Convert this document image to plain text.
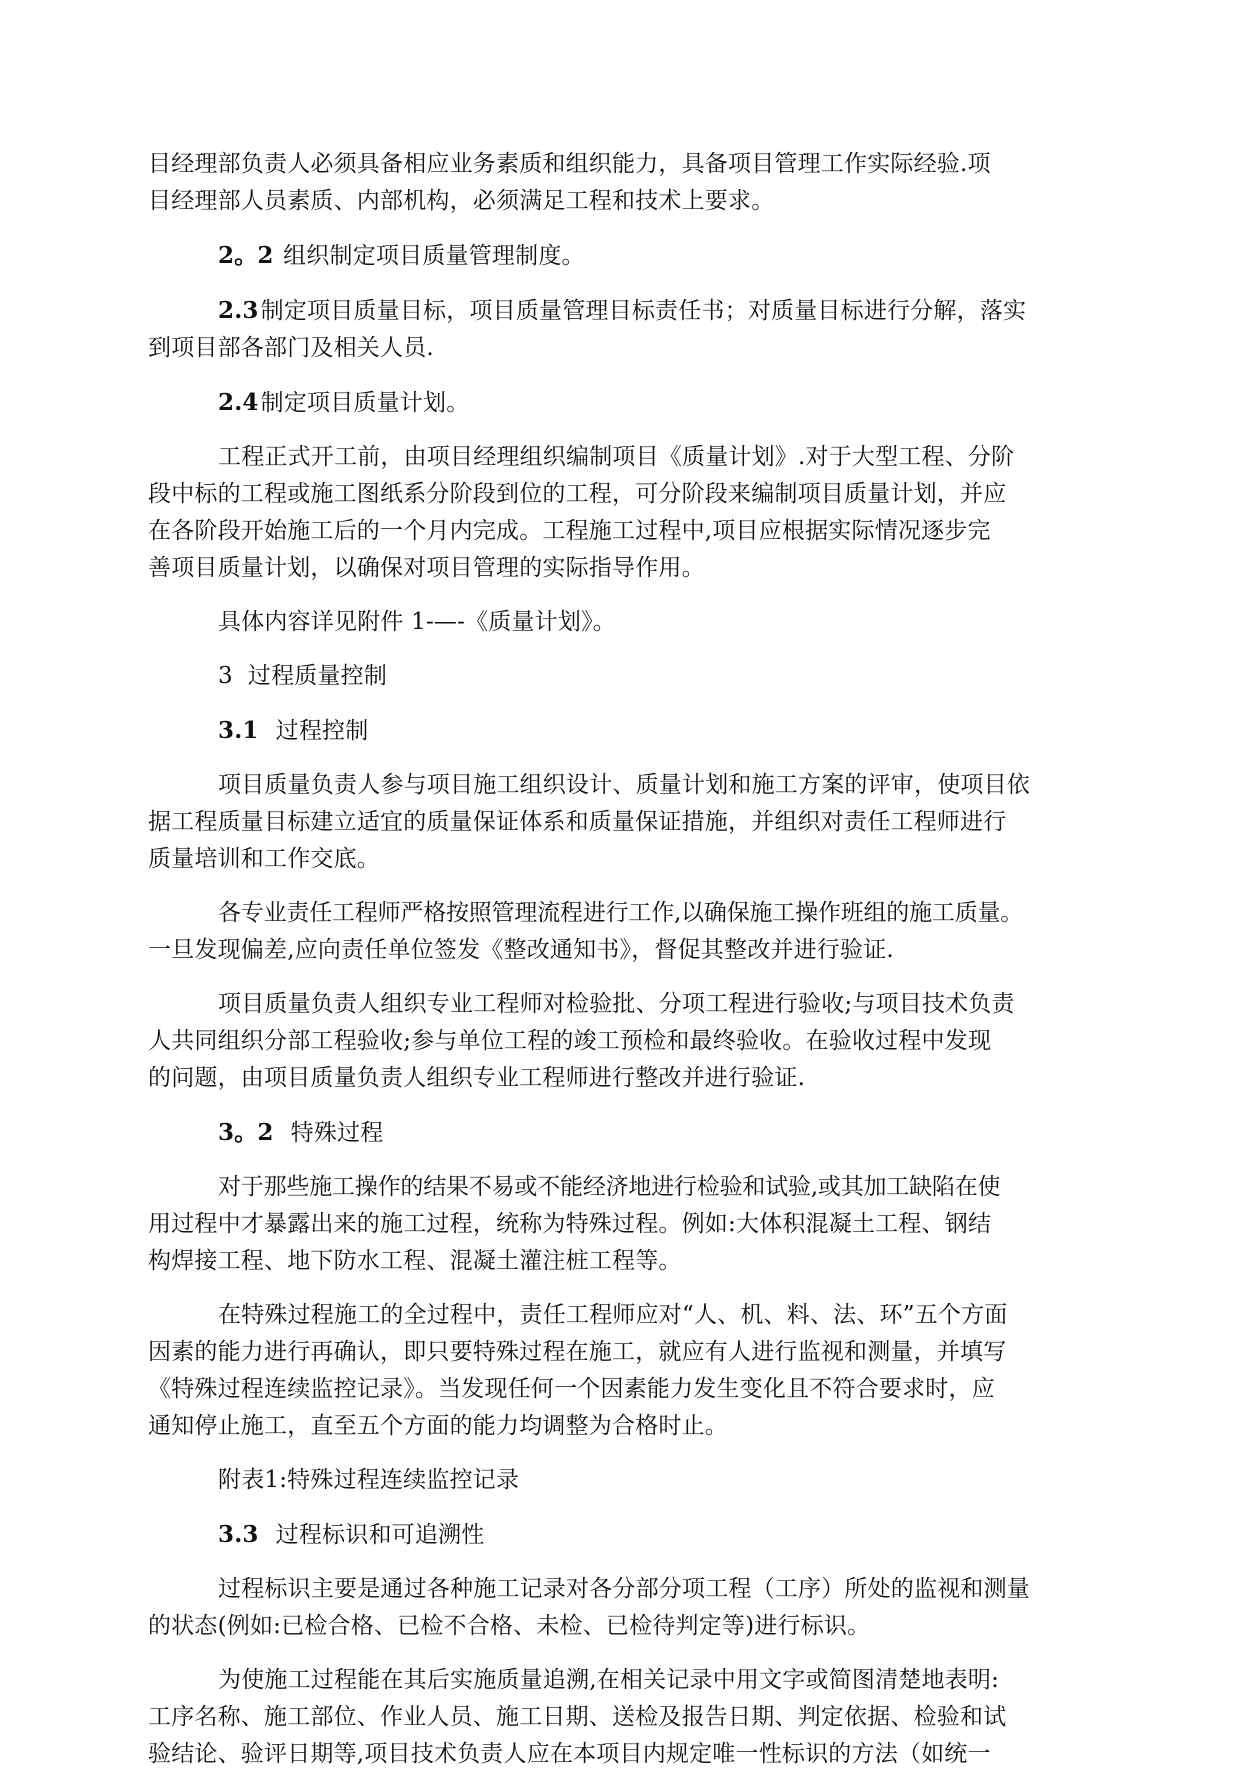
目经理部负责人必须具备相应业务素质和组织能力，具备项目管理工作实际经验.项
目经理部人员素质、内部机构，必须满足工程和技术上要求。
2。2 组织制定项目质量管理制度。
2.3制定项目质量目标，项目质量管理目标责任书；对质量目标进行分解，落实
到项目部各部门及相关人员.
2.4制定项目质量计划。
工程正式开工前，由项目经理组织编制项目《质量计划》.对于大型工程、分阶
段中标的工程或施工图纸系分阶段到位的工程，可分阶段来编制项目质量计划，并应
在各阶段开始施工后的一个月内完成。工程施工过程中,项目应根据实际情况逐步完
善项目质量计划，以确保对项目管理的实际指导作用。
具体内容详见附件 1-—-《质量计划》。
3 过程质量控制
3.1 过程控制
项目质量负责人参与项目施工组织设计、质量计划和施工方案的评审，使项目依
据工程质量目标建立适宜的质量保证体系和质量保证措施，并组织对责任工程师进行
质量培训和工作交底。
各专业责任工程师严格按照管理流程进行工作,以确保施工操作班组的施工质量。
一旦发现偏差,应向责任单位签发《整改通知书》，督促其整改并进行验证.
项目质量负责人组织专业工程师对检验批、分项工程进行验收;与项目技术负责
人共同组织分部工程验收;参与单位工程的竣工预检和最终验收。在验收过程中发现
的问题，由项目质量负责人组织专业工程师进行整改并进行验证.
3。2 特殊过程
对于那些施工操作的结果不易或不能经济地进行检验和试验,或其加工缺陷在使
用过程中才暴露出来的施工过程，统称为特殊过程。例如:大体积混凝土工程、钢结
构焊接工程、地下防水工程、混凝土灌注桩工程等。
在特殊过程施工的全过程中，责任工程师应对“人、机、料、法、环”五个方面
因素的能力进行再确认，即只要特殊过程在施工，就应有人进行监视和测量，并填写
《特殊过程连续监控记录》。当发现任何一个因素能力发生变化且不符合要求时，应
通知停止施工，直至五个方面的能力均调整为合格时止。
附表1:特殊过程连续监控记录
3.3 过程标识和可追溯性
过程标识主要是通过各种施工记录对各分部分项工程（工序）所处的监视和测量
的状态(例如:已检合格、已检不合格、未检、已检待判定等)进行标识。
为使施工过程能在其后实施质量追溯,在相关记录中用文字或简图清楚地表明:
工序名称、施工部位、作业人员、施工日期、送检及报告日期、判定依据、检验和试
验结论、验评日期等,项目技术负责人应在本项目内规定唯一性标识的方法（如统一
